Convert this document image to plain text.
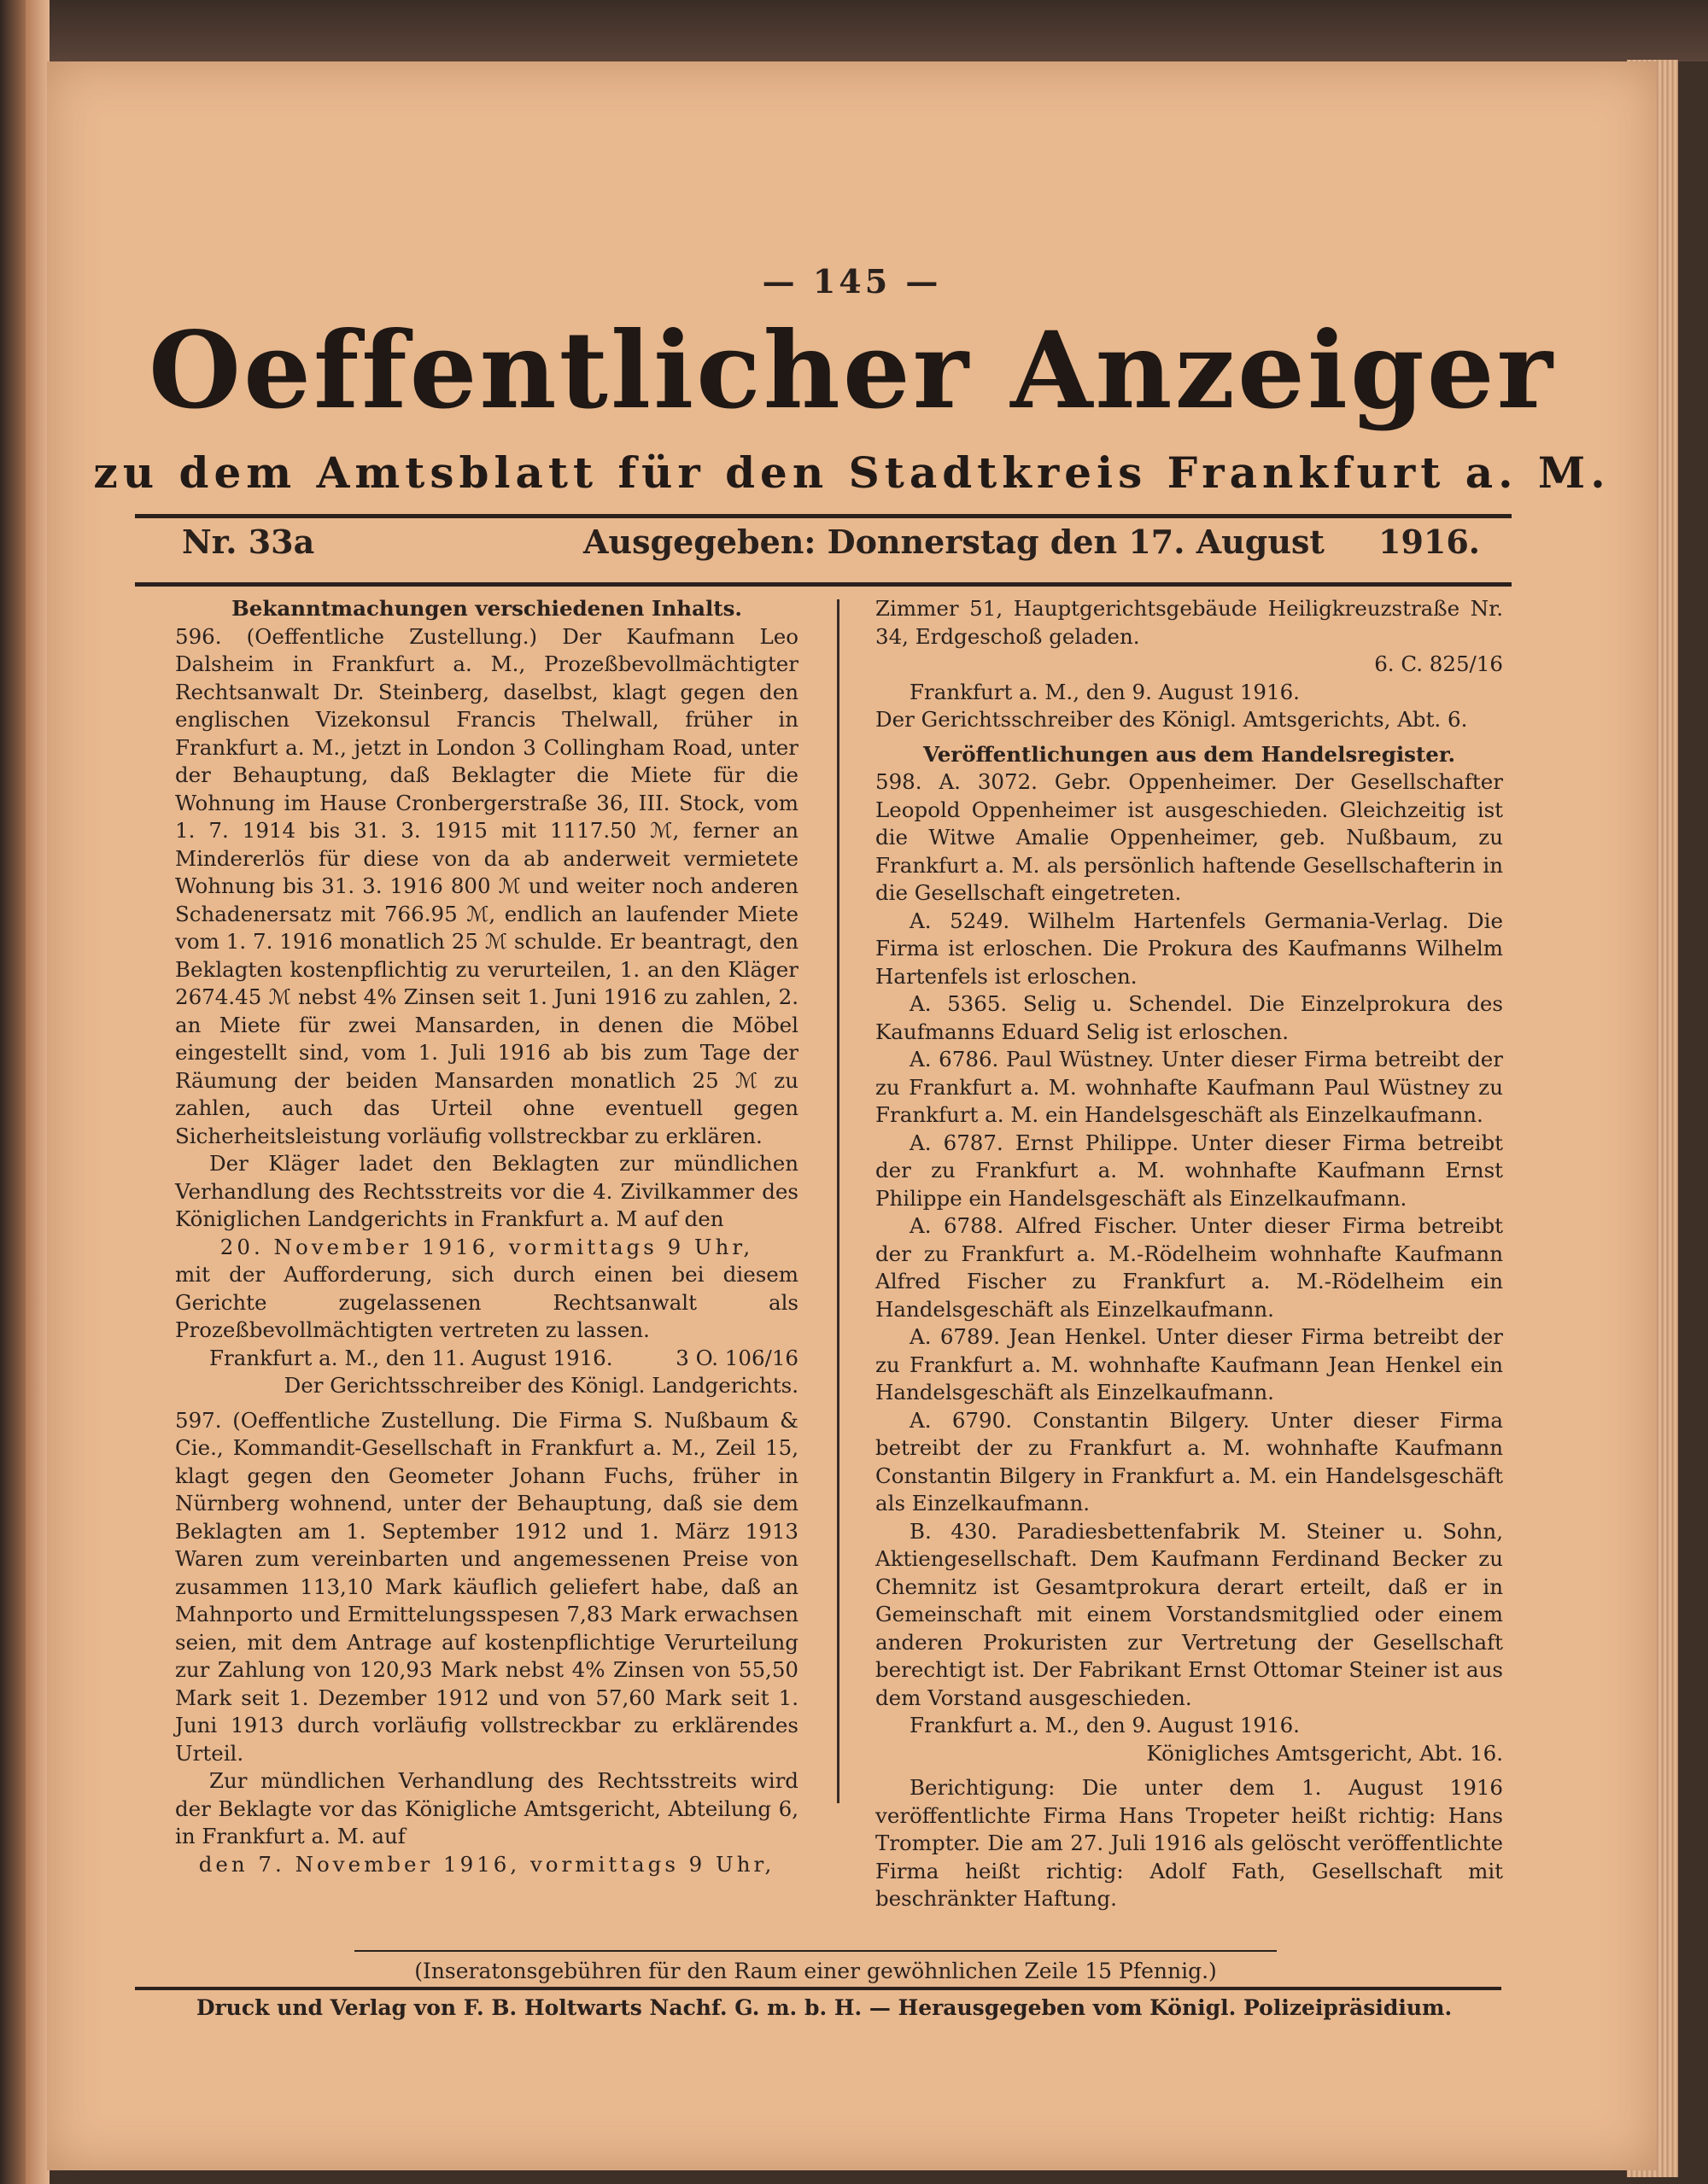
— 145 —
Oeffentlicher Anzeiger
zu dem Amtsblatt für den Stadtkreis Frankfurt a. M.
Nr. 33a	Ausgegeben: Donnerstag den 17. August 1916.

Bekanntmachungen verschiedenen Inhalts.

596. (Oeffentliche Zustellung.) Der Kaufmann Leo Dalsheim in Frankfurt a. M., Prozeßbevollmächtigter Rechtsanwalt Dr. Steinberg, daselbst, klagt gegen den englischen Vizekonsul Francis Thelwall, früher in Frankfurt a. M., jetzt in London 3 Collingham Road, unter der Behauptung, daß Beklagter die Miete für die Wohnung im Hause Cronbergerstraße 36, III. Stock, vom 1. 7. 1914 bis 31. 3. 1915 mit 1117.50 ℳ, ferner an Mindererlös für diese von da ab anderweit vermietete Wohnung bis 31. 3. 1916 800 ℳ und weiter noch anderen Schadenersatz mit 766.95 ℳ, endlich an laufender Miete vom 1. 7. 1916 monatlich 25 ℳ schulde. Er beantragt, den Beklagten kostenpflichtig zu verurteilen, 1. an den Kläger 2674.45 ℳ nebst 4% Zinsen seit 1. Juni 1916 zu zahlen, 2. an Miete für zwei Mansarden, in denen die Möbel eingestellt sind, vom 1. Juli 1916 ab bis zum Tage der Räumung der beiden Mansarden monatlich 25 ℳ zu zahlen, auch das Urteil ohne eventuell gegen Sicherheitsleistung vorläufig vollstreckbar zu erklären.

Der Kläger ladet den Beklagten zur mündlichen Verhandlung des Rechtsstreits vor die 4. Zivilkammer des Königlichen Landgerichts in Frankfurt a. M auf den

20. November 1916, vormittags 9 Uhr,

mit der Aufforderung, sich durch einen bei diesem Gerichte zugelassenen Rechtsanwalt als Prozeßbevollmächtigten vertreten zu lassen.

Frankfurt a. M., den 11. August 1916.	3 O. 106/16

Der Gerichtsschreiber des Königl. Landgerichts.

597. (Oeffentliche Zustellung. Die Firma S. Nußbaum & Cie., Kommandit-Gesellschaft in Frankfurt a. M., Zeil 15, klagt gegen den Geometer Johann Fuchs, früher in Nürnberg wohnend, unter der Behauptung, daß sie dem Beklagten am 1. September 1912 und 1. März 1913 Waren zum vereinbarten und angemessenen Preise von zusammen 113,10 Mark käuflich geliefert habe, daß an Mahnporto und Ermittelungsspesen 7,83 Mark erwachsen seien, mit dem Antrage auf kostenpflichtige Verurteilung zur Zahlung von 120,93 Mark nebst 4% Zinsen von 55,50 Mark seit 1. Dezember 1912 und von 57,60 Mark seit 1. Juni 1913 durch vorläufig vollstreckbar zu erklärendes Urteil.

Zur mündlichen Verhandlung des Rechtsstreits wird der Beklagte vor das Königliche Amtsgericht, Abteilung 6, in Frankfurt a. M. auf

den 7. November 1916, vormittags 9 Uhr,

Zimmer 51, Hauptgerichtsgebäude Heiligkreuzstraße Nr. 34, Erdgeschoß geladen.

6. C. 825/16

Frankfurt a. M., den 9. August 1916.

Der Gerichtsschreiber des Königl. Amtsgerichts, Abt. 6.

Veröffentlichungen aus dem Handelsregister.

598. A. 3072. Gebr. Oppenheimer. Der Gesellschafter Leopold Oppenheimer ist ausgeschieden. Gleichzeitig ist die Witwe Amalie Oppenheimer, geb. Nußbaum, zu Frankfurt a. M. als persönlich haftende Gesellschafterin in die Gesellschaft eingetreten.

A. 5249. Wilhelm Hartenfels Germania-Verlag. Die Firma ist erloschen. Die Prokura des Kaufmanns Wilhelm Hartenfels ist erloschen.

A. 5365. Selig u. Schendel. Die Einzelprokura des Kaufmanns Eduard Selig ist erloschen.

A. 6786. Paul Wüstney. Unter dieser Firma betreibt der zu Frankfurt a. M. wohnhafte Kaufmann Paul Wüstney zu Frankfurt a. M. ein Handelsgeschäft als Einzelkaufmann.

A. 6787. Ernst Philippe. Unter dieser Firma betreibt der zu Frankfurt a. M. wohnhafte Kaufmann Ernst Philippe ein Handelsgeschäft als Einzelkaufmann.

A. 6788. Alfred Fischer. Unter dieser Firma betreibt der zu Frankfurt a. M.-Rödelheim wohnhafte Kaufmann Alfred Fischer zu Frankfurt a. M.-Rödelheim ein Handelsgeschäft als Einzelkaufmann.

A. 6789. Jean Henkel. Unter dieser Firma betreibt der zu Frankfurt a. M. wohnhafte Kaufmann Jean Henkel ein Handelsgeschäft als Einzelkaufmann.

A. 6790. Constantin Bilgery. Unter dieser Firma betreibt der zu Frankfurt a. M. wohnhafte Kaufmann Constantin Bilgery in Frankfurt a. M. ein Handelsgeschäft als Einzelkaufmann.

B. 430. Paradiesbettenfabrik M. Steiner u. Sohn, Aktiengesellschaft. Dem Kaufmann Ferdinand Becker zu Chemnitz ist Gesamtprokura derart erteilt, daß er in Gemeinschaft mit einem Vorstandsmitglied oder einem anderen Prokuristen zur Vertretung der Gesellschaft berechtigt ist. Der Fabrikant Ernst Ottomar Steiner ist aus dem Vorstand ausgeschieden.

Frankfurt a. M., den 9. August 1916.

Königliches Amtsgericht, Abt. 16.

Berichtigung: Die unter dem 1. August 1916 veröffentlichte Firma Hans Tropeter heißt richtig: Hans Trompter. Die am 27. Juli 1916 als gelöscht veröffentlichte Firma heißt richtig: Adolf Fath, Gesellschaft mit beschränkter Haftung.

(Inseratonsgebühren für den Raum einer gewöhnlichen Zeile 15 Pfennig.)
Druck und Verlag von F. B. Holtwarts Nachf. G. m. b. H. — Herausgegeben vom Königl. Polizeipräsidium.
